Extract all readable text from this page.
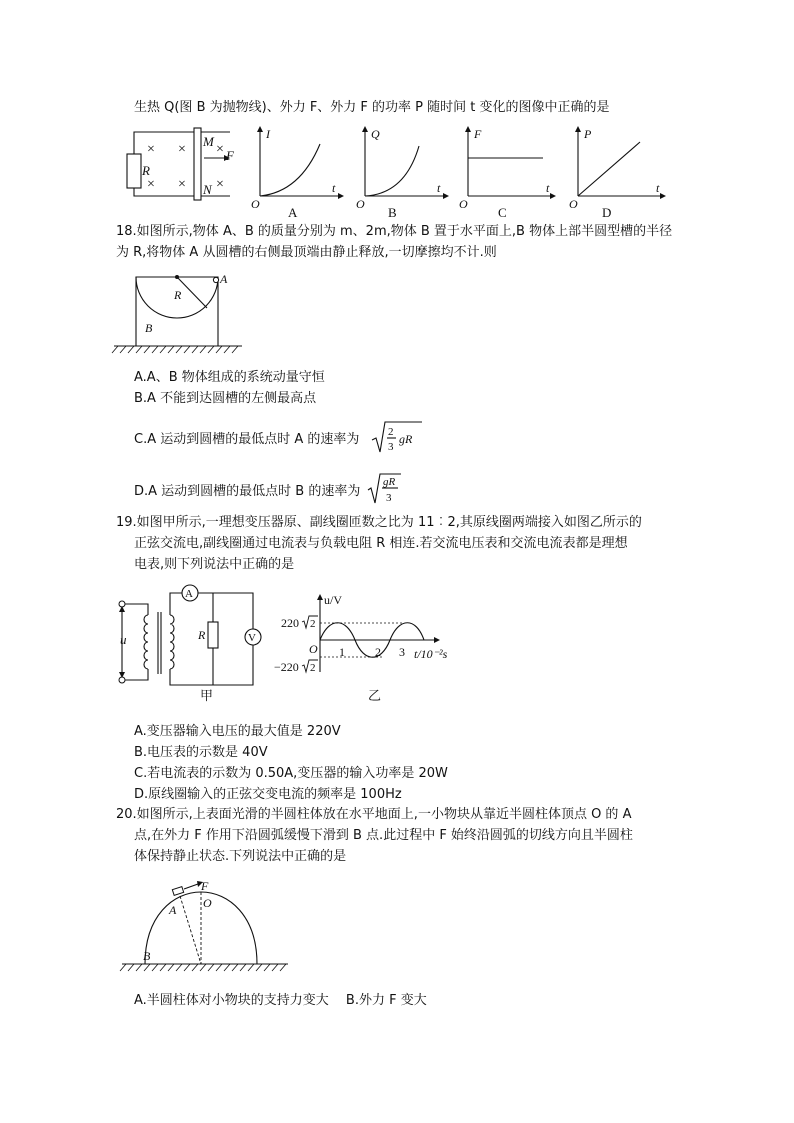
生热 Q(图 B 为抛物线)、外力 F、外力 F 的功率 P 随时间 t 变化的图像中正确的是
R
×
×
×
×
×
×
M
N
F
I
t
O
A
Q
t
O
B
F
t
O
C
P
t
O
D
18.如图所示,物体 A、B 的质量分别为 m、2m,物体 B 置于水平面上,B 物体上部半圆型槽的半径
为 R,将物体 A 从圆槽的右侧最顶端由静止释放,一切摩擦均不计.则
R
A
B
A.A、B 物体组成的系统动量守恒
B.A 不能到达圆槽的左侧最高点
C.A 运动到圆槽的最低点时 A 的速率为	2
3
gR
D.A 运动到圆槽的最低点时 B 的速率为
gR
3
19.如图甲所示,一理想变压器原、副线圈匝数之比为 11︰2,其原线圈两端接入如图乙所示的
正弦交流电,副线圈通过电流表与负载电阻 R 相连.若交流电压表和交流电流表都是理想
电表,则下列说法中正确的是
u
A
V
R
甲
u/V
t/10⁻²s
O 1	2 3
220 2
−220 2
乙
A.变压器输入电压的最大值是 220V
B.电压表的示数是 40V
C.若电流表的示数为 0.50A,变压器的输入功率是 20W
D.原线圈输入的正弦交变电流的频率是 100Hz
20.如图所示,上表面光滑的半圆柱体放在水平地面上,一小物块从靠近半圆柱体顶点 O 的 A
点,在外力 F 作用下沿圆弧缓慢下滑到 B 点.此过程中 F 始终沿圆弧的切线方向且半圆柱
体保持静止状态.下列说法中正确的是
F
A O
B
A.半圆柱体对小物块的支持力变大　 B.外力 F 变大
